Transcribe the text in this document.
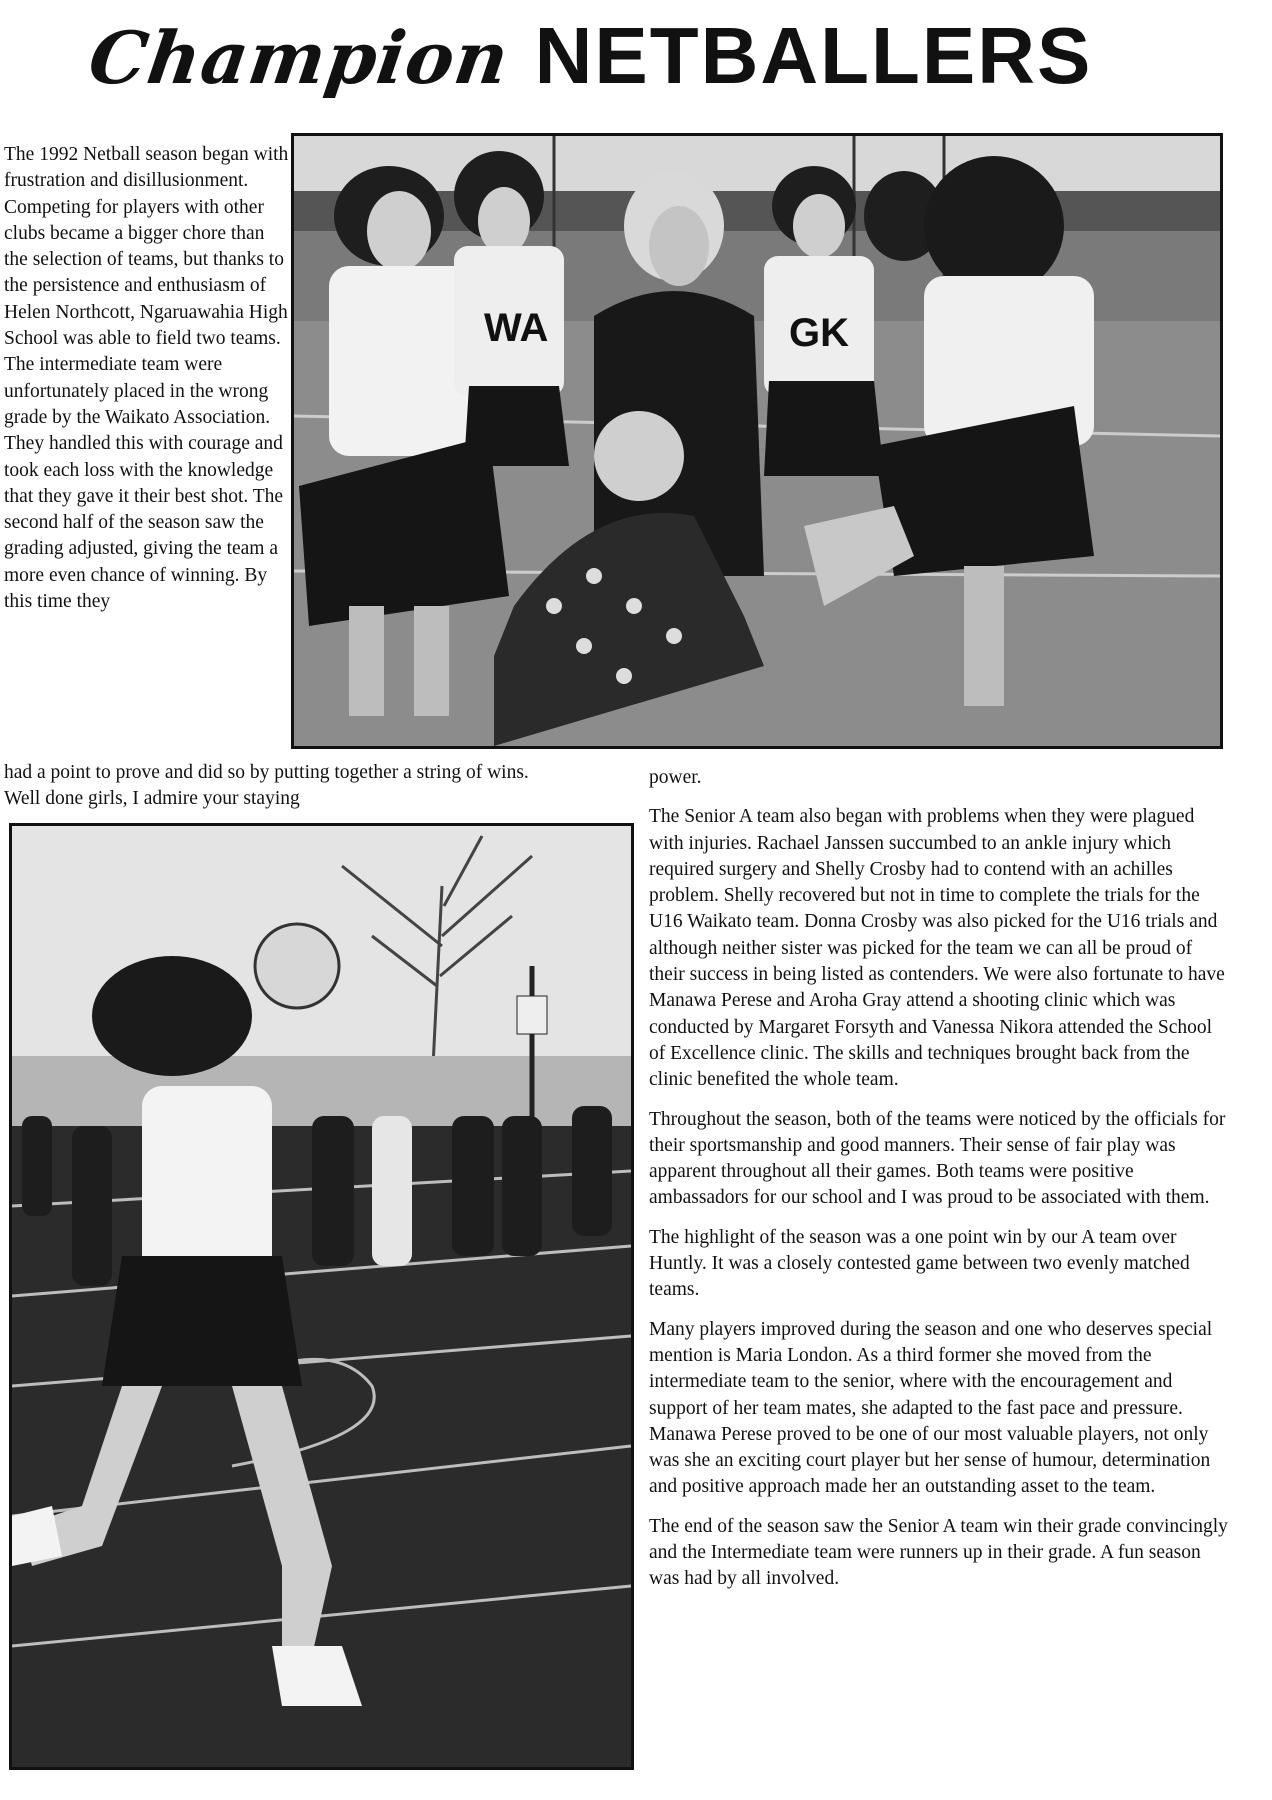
Champion NETBALLERS
WA	GK
The 1992 Netball season began with frustration and disillusionment. Competing for players with other clubs became a bigger chore than the selection of teams, but thanks to the persistence and enthusiasm of Helen Northcott, Ngaruawahia High School was able to field two teams. The intermediate team were unfortunately placed in the wrong grade by the Waikato Association. They handled this with courage and took each loss with the knowledge that they gave it their best shot. The second half of the season saw the grading adjusted, giving the team a more even chance of winning. By this time they
had a point to prove and did so by putting together a string of wins. Well done girls, I admire your staying

power.

The Senior A team also began with problems when they were plagued with injuries. Rachael Janssen succumbed to an ankle injury which required surgery and Shelly Crosby had to contend with an achilles problem. Shelly recovered but not in time to complete the trials for the U16 Waikato team. Donna Crosby was also picked for the U16 trials and although neither sister was picked for the team we can all be proud of their success in being listed as contenders. We were also fortunate to have Manawa Perese and Aroha Gray attend a shooting clinic which was conducted by Margaret Forsyth and Vanessa Nikora attended the School of Excellence clinic. The skills and techniques brought back from the clinic benefited the whole team.

Throughout the season, both of the teams were noticed by the officials for their sportsmanship and good manners. Their sense of fair play was apparent throughout all their games. Both teams were positive ambassadors for our school and I was proud to be associated with them.

The highlight of the season was a one point win by our A team over Huntly. It was a closely contested game between two evenly matched teams.

Many players improved during the season and one who deserves special mention is Maria London. As a third former she moved from the intermediate team to the senior, where with the encouragement and support of her team mates, she adapted to the fast pace and pressure. Manawa Perese proved to be one of our most valuable players, not only was she an exciting court player but her sense of humour, determination and positive approach made her an outstanding asset to the team.

The end of the season saw the Senior A team win their grade convincingly and the Intermediate team were runners up in their grade. A fun season was had by all involved.
